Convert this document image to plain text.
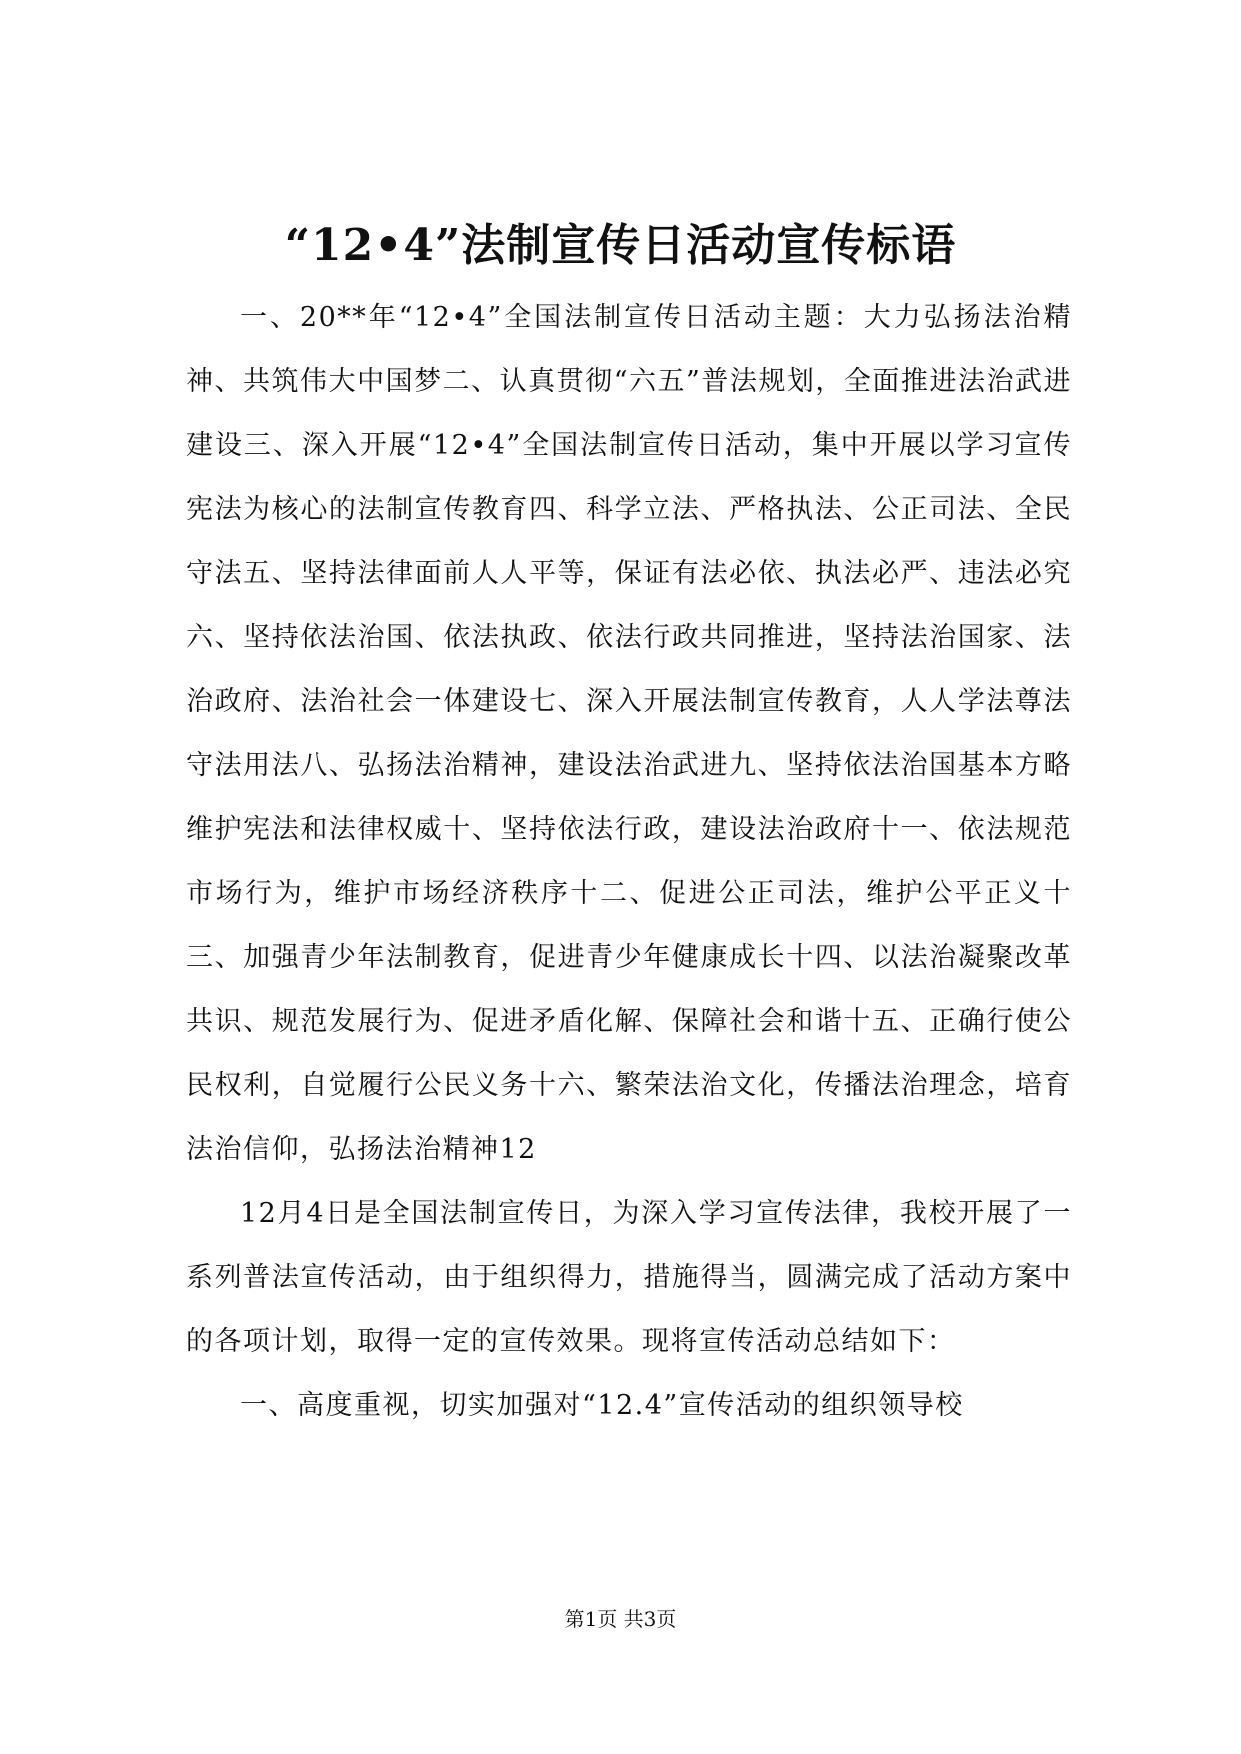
“12•4”法制宣传日活动宣传标语

一、20**年“12•4”全国法制宣传日活动主题：大力弘扬法治精神、共筑伟大中国梦二、认真贯彻“六五”普法规划，全面推进法治武进建设三、深入开展“12•4”全国法制宣传日活动，集中开展以学习宣传宪法为核心的法制宣传教育四、科学立法、严格执法、公正司法、全民守法五、坚持法律面前人人平等，保证有法必依、执法必严、违法必究六、坚持依法治国、依法执政、依法行政共同推进，坚持法治国家、法治政府、法治社会一体建设七、深入开展法制宣传教育，人人学法尊法守法用法八、弘扬法治精神，建设法治武进九、坚持依法治国基本方略维护宪法和法律权威十、坚持依法行政，建设法治政府十一、依法规范市场行为，维护市场经济秩序十二、促进公正司法，维护公平正义十三、加强青少年法制教育，促进青少年健康成长十四、以法治凝聚改革共识、规范发展行为、促进矛盾化解、保障社会和谐十五、正确行使公民权利，自觉履行公民义务十六、繁荣法治文化，传播法治理念，培育法治信仰，弘扬法治精神12

12月4日是全国法制宣传日，为深入学习宣传法律，我校开展了一系列普法宣传活动，由于组织得力，措施得当，圆满完成了活动方案中的各项计划，取得一定的宣传效果。现将宣传活动总结如下：

一、高度重视，切实加强对“12.4”宣传活动的组织领导校

第1页 共3页
